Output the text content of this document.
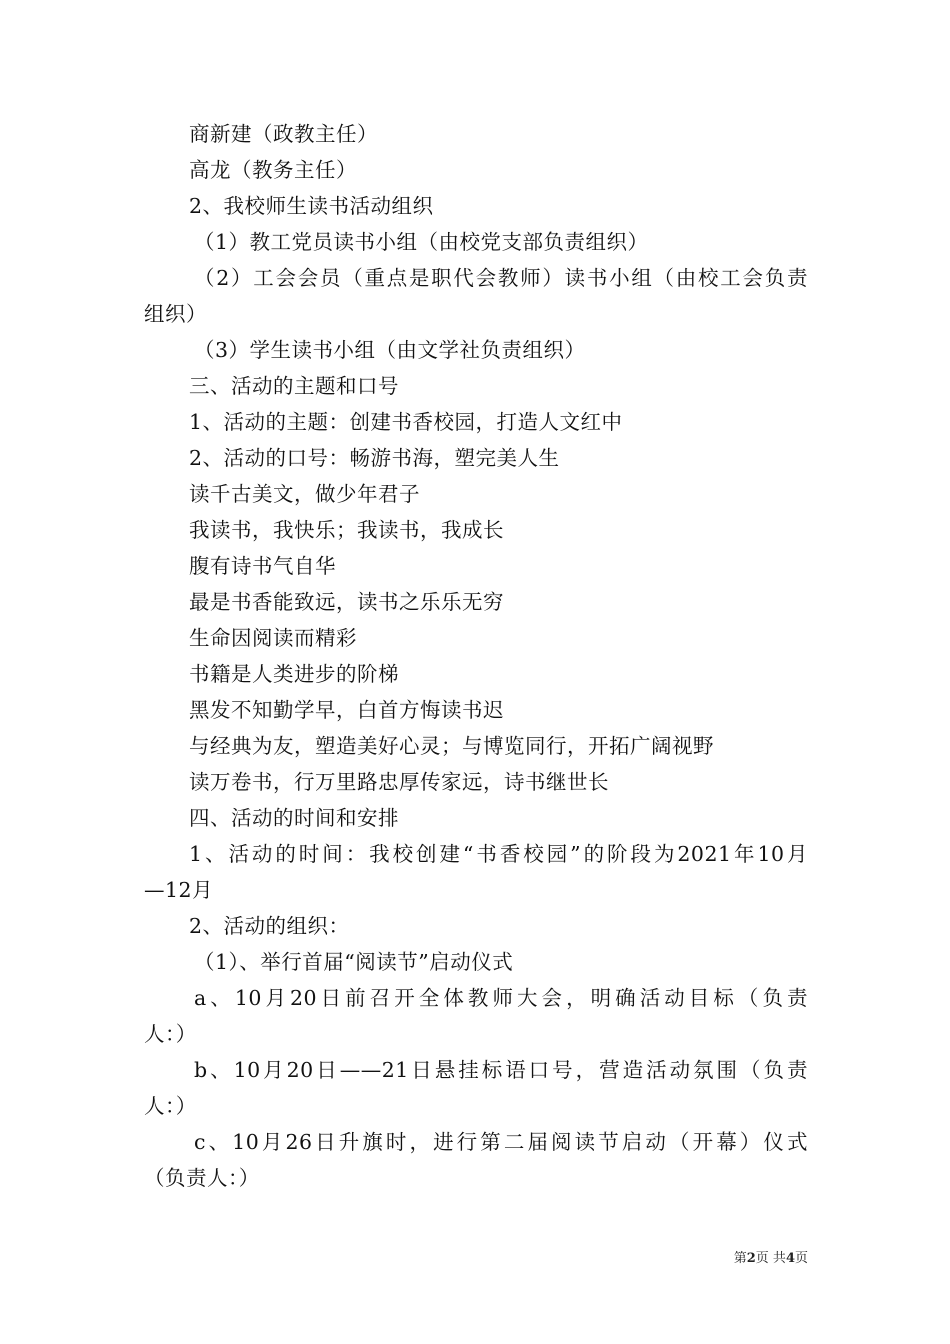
商新建（政教主任）
高龙（教务主任）
2、我校师生读书活动组织
（1）教工党员读书小组（由校党支部负责组织）
（2）工会会员（重点是职代会教师）读书小组（由校工会负责
组织）
（3）学生读书小组（由文学社负责组织）
三、活动的主题和口号
1、活动的主题：创建书香校园，打造人文红中
2、活动的口号：畅游书海，塑完美人生
读千古美文，做少年君子
我读书，我快乐；我读书，我成长
腹有诗书气自华
最是书香能致远，读书之乐乐无穷
生命因阅读而精彩
书籍是人类进步的阶梯
黑发不知勤学早，白首方悔读书迟
与经典为友，塑造美好心灵；与博览同行，开拓广阔视野
读万卷书，行万里路忠厚传家远，诗书继世长
四、活动的时间和安排
1、活动的时间：我校创建“书香校园”的阶段为2021年10月
—12月
2、活动的组织：
（1）、举行首届“阅读节”启动仪式
a、10月20日前召开全体教师大会，明确活动目标（负责
人：）
b、10月20日——21日悬挂标语口号，营造活动氛围（负责
人：）
c、10月26日升旗时，进行第二届阅读节启动（开幕）仪式
（负责人：）
第2页 共4页
